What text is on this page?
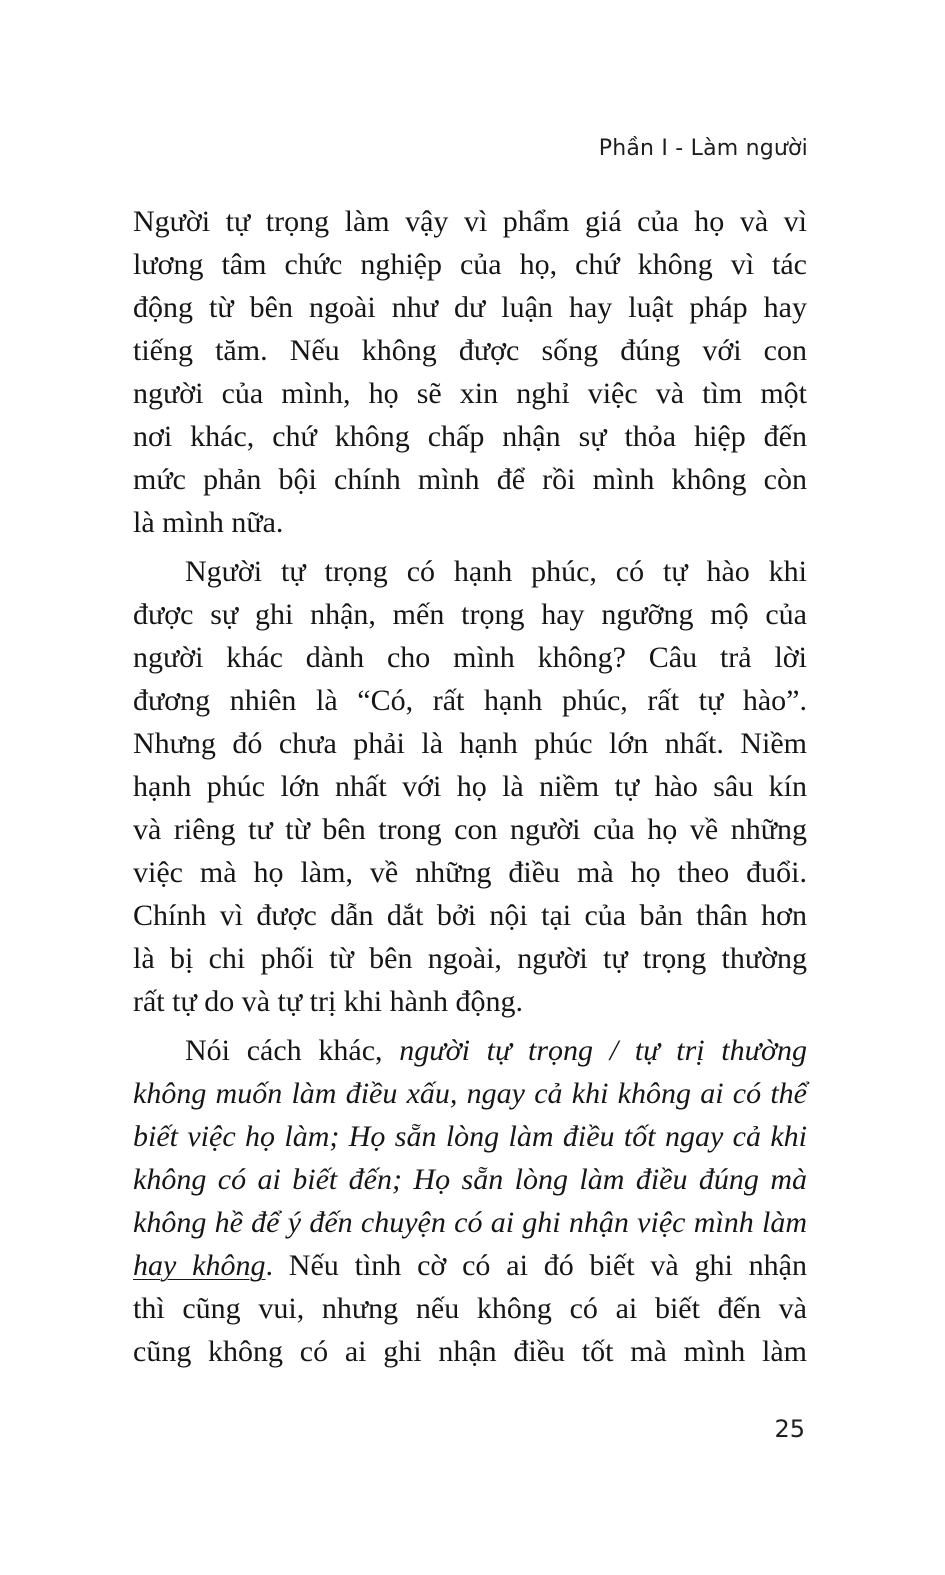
Phần I - Làm người
Người tự trọng làm vậy vì phẩm giá của họ và vì
lương tâm chức nghiệp của họ, chứ không vì tác
động từ bên ngoài như dư luận hay luật pháp hay
tiếng tăm. Nếu không được sống đúng với con
người của mình, họ sẽ xin nghỉ việc và tìm một
nơi khác, chứ không chấp nhận sự thỏa hiệp đến
mức phản bội chính mình để rồi mình không còn
là mình nữa.
Người tự trọng có hạnh phúc, có tự hào khi
được sự ghi nhận, mến trọng hay ngưỡng mộ của
người khác dành cho mình không? Câu trả lời
đương nhiên là “Có, rất hạnh phúc, rất tự hào”.
Nhưng đó chưa phải là hạnh phúc lớn nhất. Niềm
hạnh phúc lớn nhất với họ là niềm tự hào sâu kín
và riêng tư từ bên trong con người của họ về những
việc mà họ làm, về những điều mà họ theo đuổi.
Chính vì được dẫn dắt bởi nội tại của bản thân hơn
là bị chi phối từ bên ngoài, người tự trọng thường
rất tự do và tự trị khi hành động.
Nói cách khác, người tự trọng / tự trị thường
không muốn làm điều xấu, ngay cả khi không ai có thể
biết việc họ làm; Họ sẵn lòng làm điều tốt ngay cả khi
không có ai biết đến; Họ sẵn lòng làm điều đúng mà
không hề để ý đến chuyện có ai ghi nhận việc mình làm
hay không. Nếu tình cờ có ai đó biết và ghi nhận
thì cũng vui, nhưng nếu không có ai biết đến và
cũng không có ai ghi nhận điều tốt mà mình làm
25
